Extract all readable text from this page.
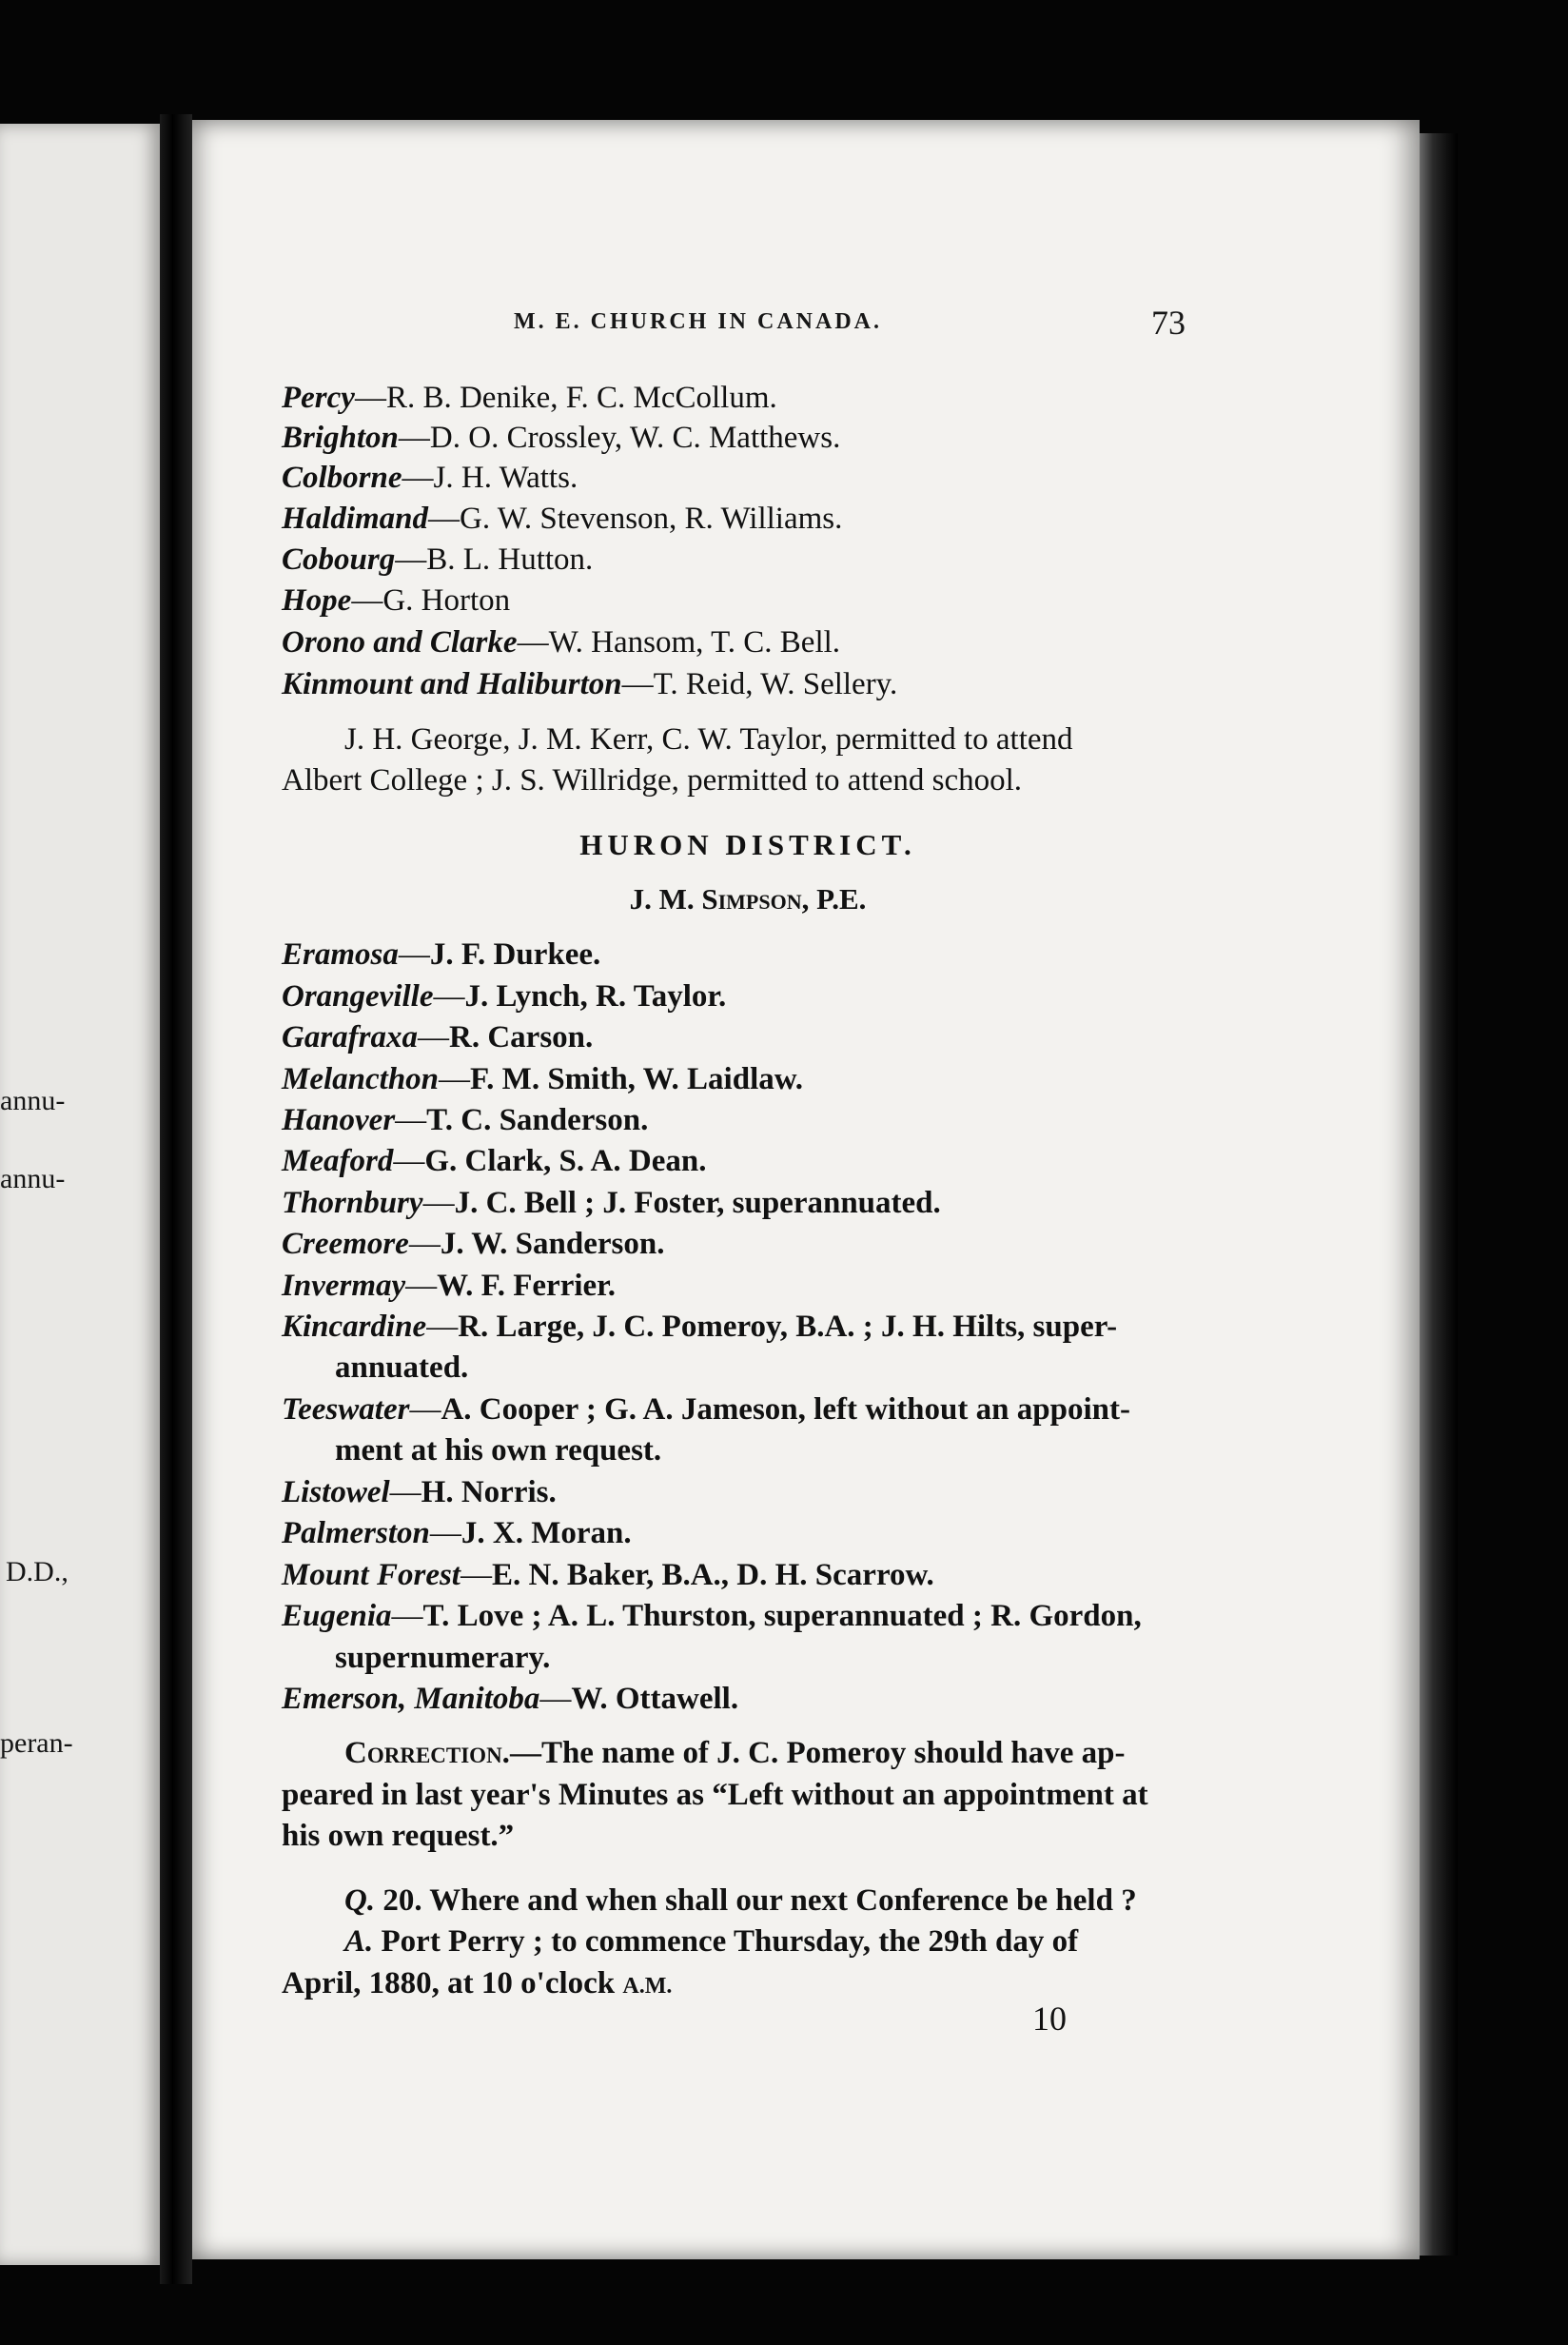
annu-
annu-
D.D.,
peran-
M. E. CHURCH IN CANADA.	73
Percy—R. B. Denike, F. C. McCollum.
Brighton—D. O. Crossley, W. C. Matthews.
Colborne—J. H. Watts.
Haldimand—G. W. Stevenson, R. Williams.
Cobourg—B. L. Hutton.
Hope—G. Horton
Orono and Clarke—W. Hansom, T. C. Bell.
Kinmount and Haliburton—T. Reid, W. Sellery.
J. H. George, J. M. Kerr, C. W. Taylor, permitted to attend
Albert College ; J. S. Willridge, permitted to attend school.
HURON DISTRICT.
J. M. Simpson, P.E.
Eramosa—J. F. Durkee.
Orangeville—J. Lynch, R. Taylor.
Garafraxa—R. Carson.
Melancthon—F. M. Smith, W. Laidlaw.
Hanover—T. C. Sanderson.
Meaford—G. Clark, S. A. Dean.
Thornbury—J. C. Bell ; J. Foster, superannuated.
Creemore—J. W. Sanderson.
Invermay—W. F. Ferrier.
Kincardine—R. Large, J. C. Pomeroy, B.A. ; J. H. Hilts, super-
annuated.
Teeswater—A. Cooper ; G. A. Jameson, left without an appoint-
ment at his own request.
Listowel—H. Norris.
Palmerston—J. X. Moran.
Mount Forest—E. N. Baker, B.A., D. H. Scarrow.
Eugenia—T. Love ; A. L. Thurston, superannuated ; R. Gordon,
supernumerary.
Emerson, Manitoba—W. Ottawell.
Correction.—The name of J. C. Pomeroy should have ap-
peared in last year's Minutes as “Left without an appointment at
his own request.”
Q. 20. Where and when shall our next Conference be held ?
A. Port Perry ; to commence Thursday, the 29th day of
April, 1880, at 10 o'clock A.M.
10
